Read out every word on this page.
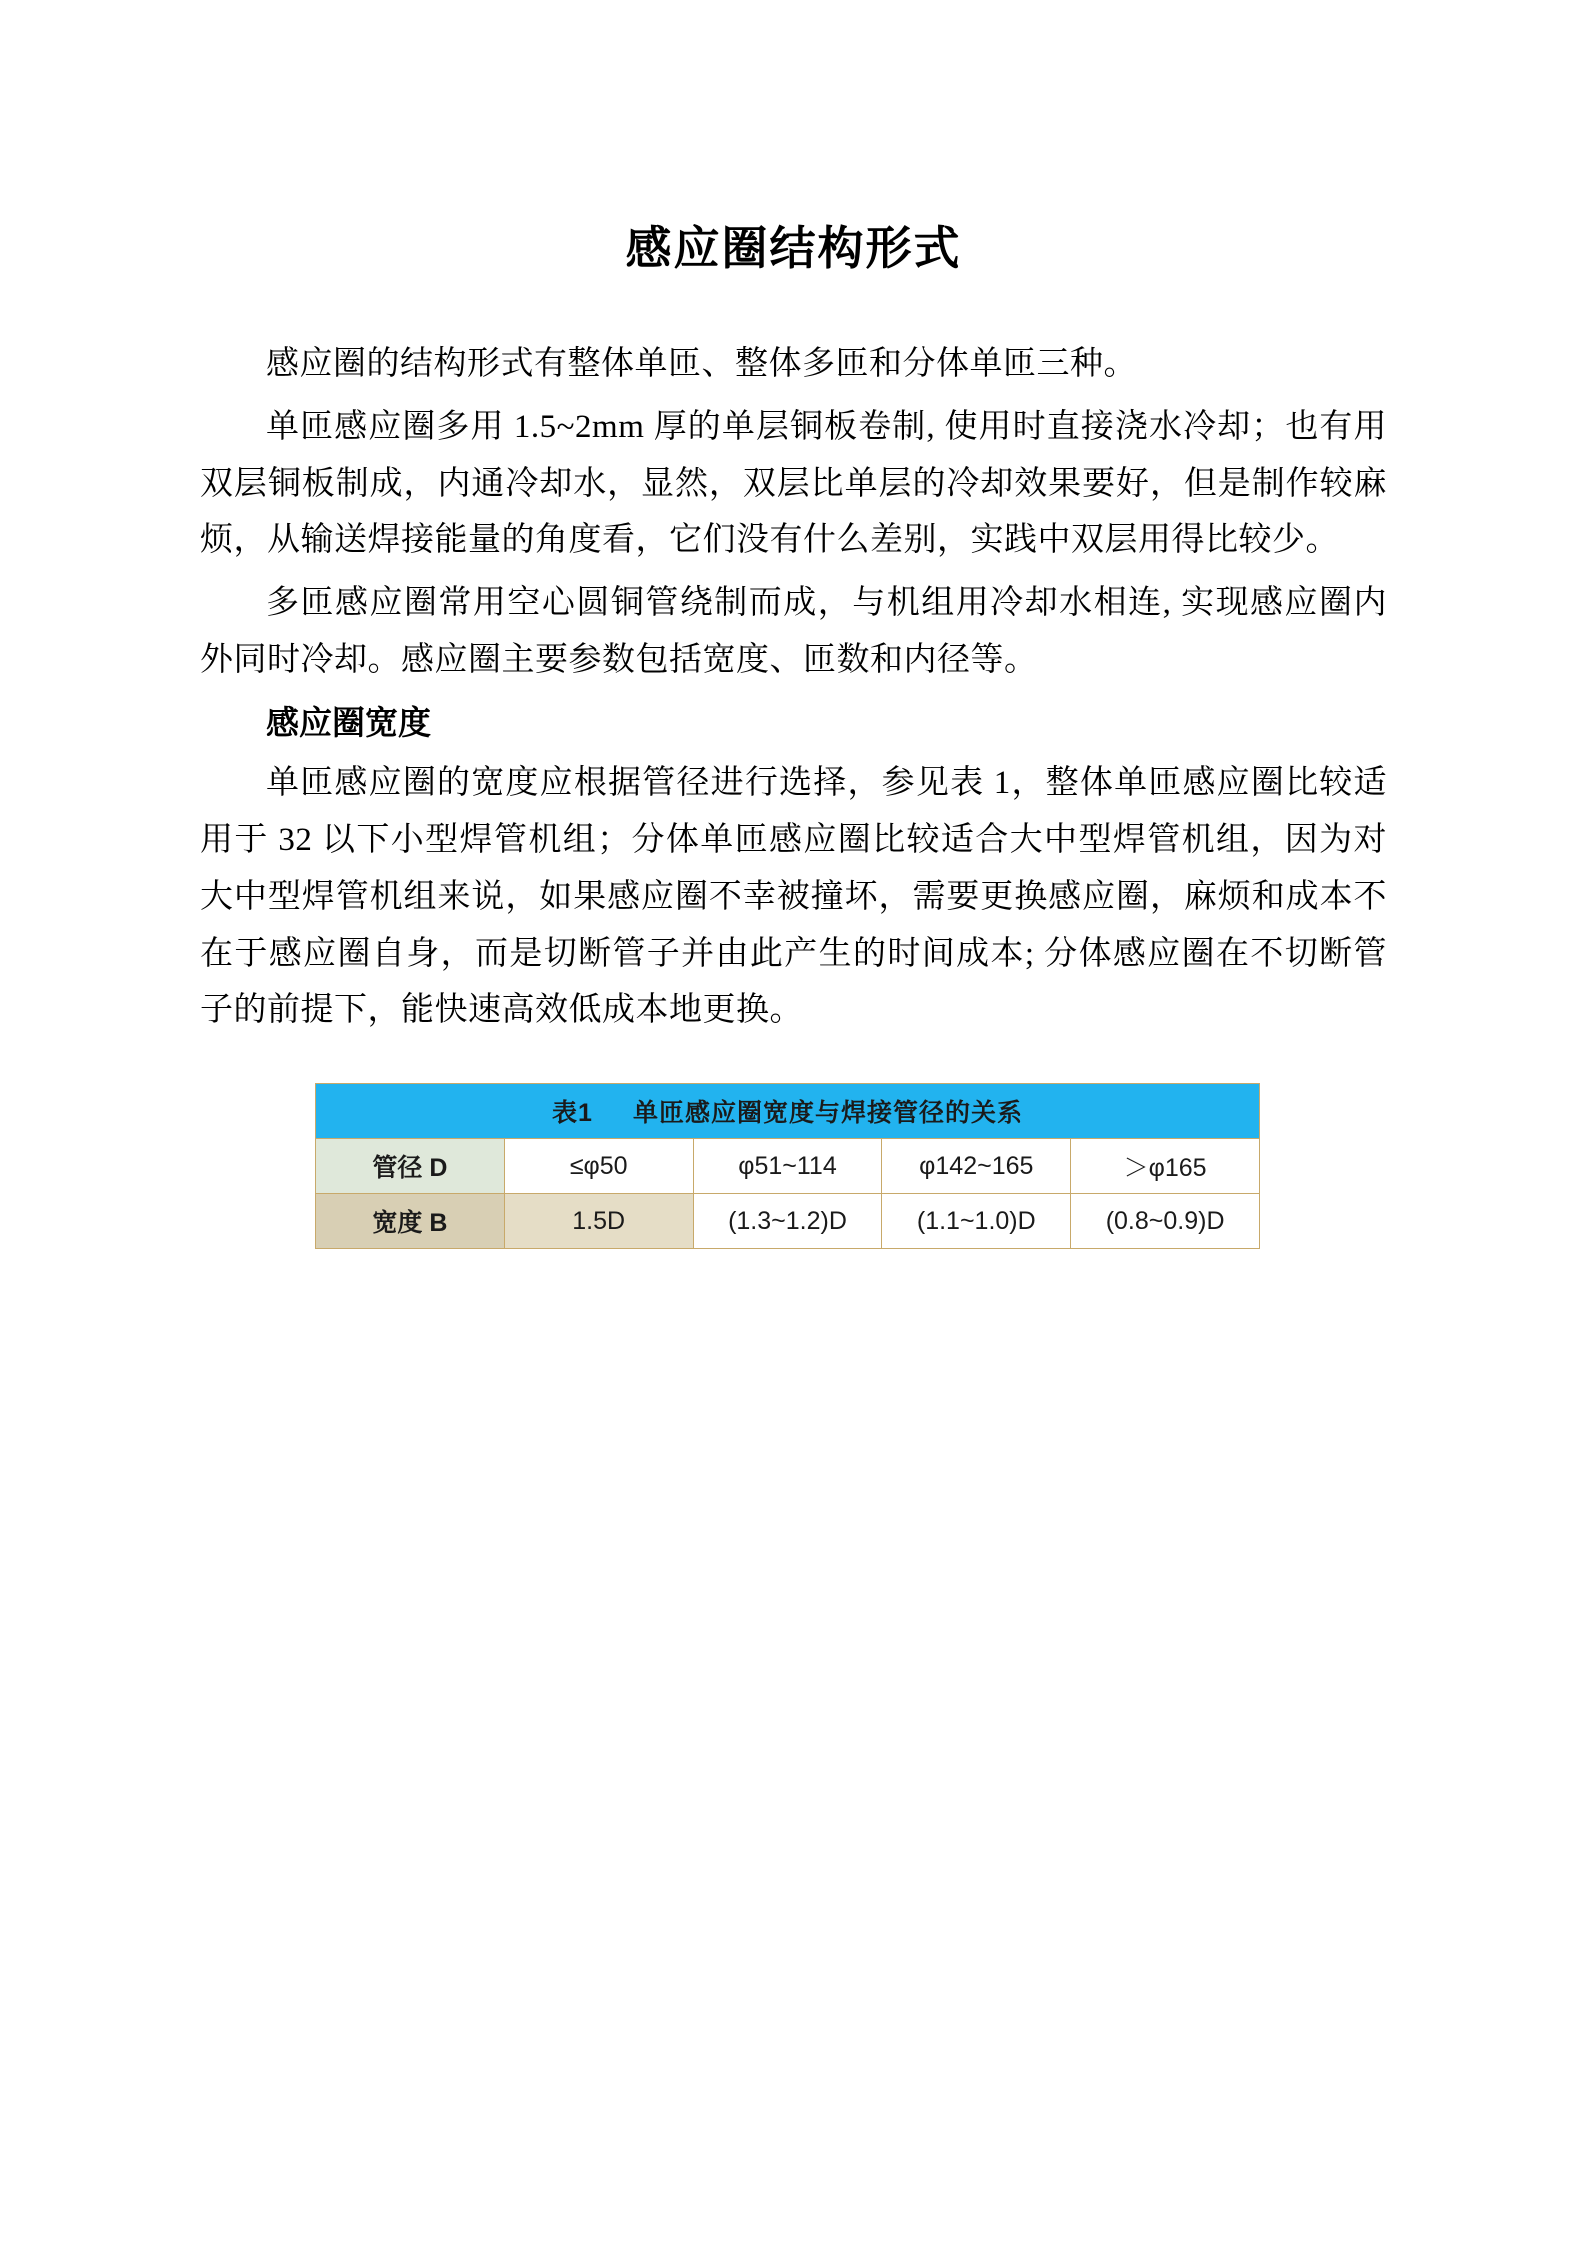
感应圈结构形式

感应圈的结构形式有整体单匝、整体多匝和分体单匝三种。

单匝感应圈多用 1.5~2mm 厚的单层铜板卷制, 使用时直接浇水冷却；也有用双层铜板制成，内通冷却水，显然，双层比单层的冷却效果要好，但是制作较麻烦，从输送焊接能量的角度看，它们没有什么差别，实践中双层用得比较少。

多匝感应圈常用空心圆铜管绕制而成，与机组用冷却水相连, 实现感应圈内外同时冷却。感应圈主要参数包括宽度、匝数和内径等。

感应圈宽度

单匝感应圈的宽度应根据管径进行选择，参见表 1，整体单匝感应圈比较适用于 32 以下小型焊管机组；分体单匝感应圈比较适合大中型焊管机组，因为对大中型焊管机组来说，如果感应圈不幸被撞坏，需要更换感应圈，麻烦和成本不在于感应圈自身，而是切断管子并由此产生的时间成本; 分体感应圈在不切断管子的前提下，能快速高效低成本地更换。

表1 单匝感应圈宽度与焊接管径的关系				
管径 D	≤φ50	φ51~114	φ142~165	＞φ165
宽度 B	1.5D	(1.3~1.2)D	(1.1~1.0)D	(0.8~0.9)D
